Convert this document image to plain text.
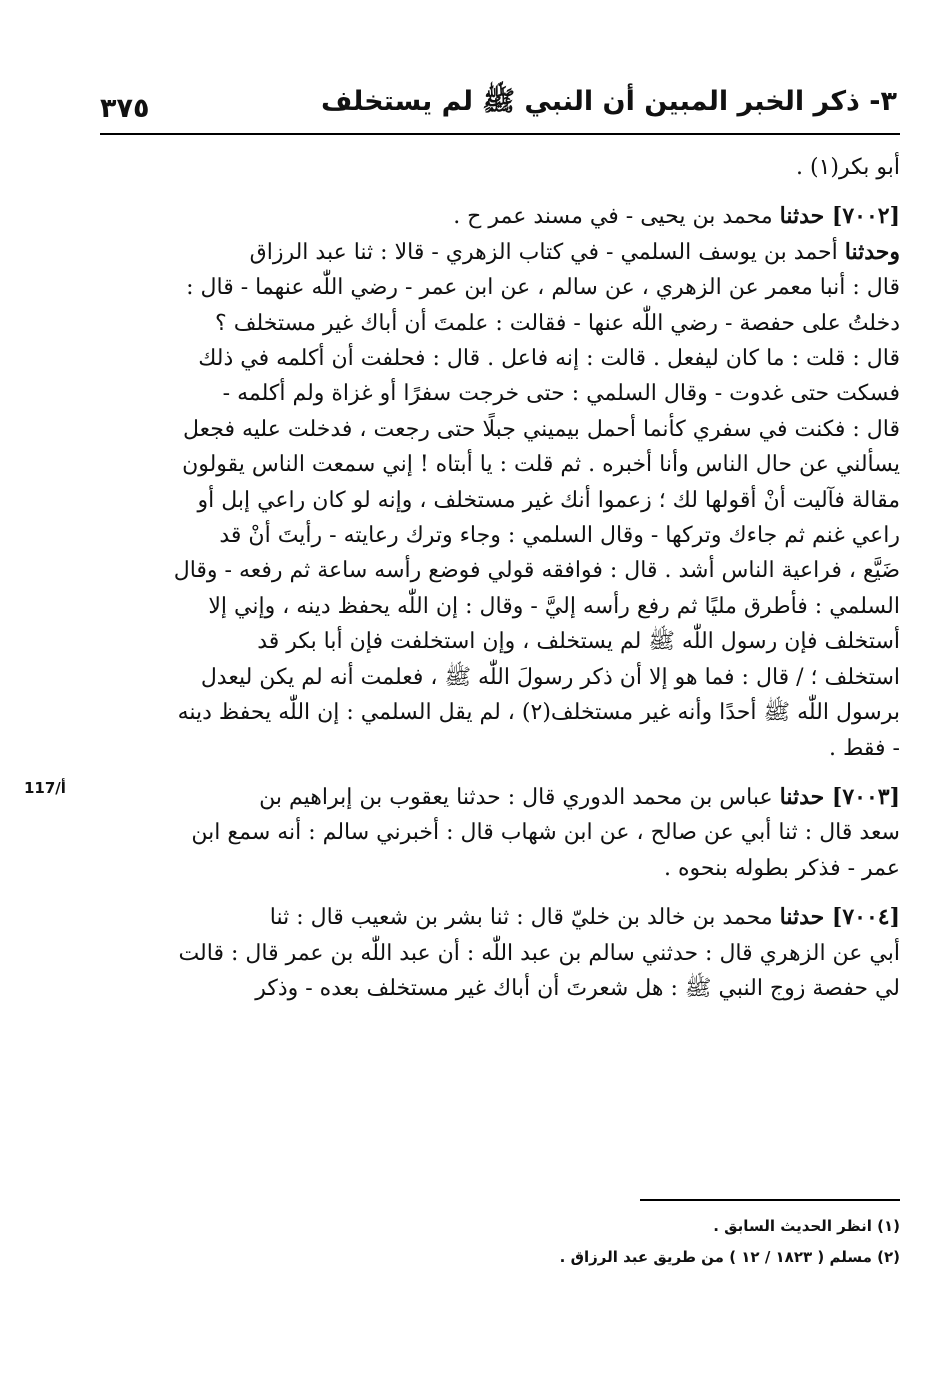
٣- ذكر الخبر المبين أن النبي ﷺ لم يستخلف
٣٧٥
117/أ

أبو بكر(١) .

[٧٠٠٢] حدثنا محمد بن يحيى - في مسند عمر ح .

وحدثنا أحمد بن يوسف السلمي - في كتاب الزهري - قالا : ثنا عبد الرزاق

قال : أنبا معمر عن الزهري ، عن سالم ، عن ابن عمر - رضي اللّٰه عنهما - قال :

دخلتُ على حفصة - رضي اللّٰه عنها - فقالت : علمتَ أن أباك غير مستخلف ؟

قال : قلت : ما كان ليفعل . قالت : إنه فاعل . قال : فحلفت أن أكلمه في ذلك

فسكت حتى غدوت - وقال السلمي : حتى خرجت سفرًا أو غزاة ولم أكلمه -

قال : فكنت في سفري كأنما أحمل بيميني جبلًا حتى رجعت ، فدخلت عليه فجعل

يسألني عن حال الناس وأنا أخبره . ثم قلت : يا أبتاه ! إني سمعت الناس يقولون

مقالة فآليت أنْ أقولها لك ؛ زعموا أنك غير مستخلف ، وإنه لو كان راعي إبل أو

راعي غنم ثم جاءك وتركها - وقال السلمي : وجاء وترك رعايته - رأيتَ أنْ قد

ضَيَّع ، فراعية الناس أشد . قال : فوافقه قولي فوضع رأسه ساعة ثم رفعه - وقال

السلمي : فأطرق مليًا ثم رفع رأسه إليَّ - وقال : إن اللّٰه يحفظ دينه ، وإني إلا

أستخلف فإن رسول اللّٰه ﷺ لم يستخلف ، وإن استخلفت فإن أبا بكر قد

استخلف ؛ / قال : فما هو إلا أن ذكر رسولَ اللّٰه ﷺ ، فعلمت أنه لم يكن ليعدل

برسول اللّٰه ﷺ أحدًا وأنه غير مستخلف(٢) ، لم يقل السلمي : إن اللّٰه يحفظ دينه

- فقط .

[٧٠٠٣] حدثنا عباس بن محمد الدوري قال : حدثنا يعقوب بن إبراهيم بن

سعد قال : ثنا أبي عن صالح ، عن ابن شهاب قال : أخبرني سالم : أنه سمع ابن

عمر - فذكر بطوله بنحوه .

[٧٠٠٤] حدثنا محمد بن خالد بن خليّ قال : ثنا بشر بن شعيب قال : ثنا

أبي عن الزهري قال : حدثني سالم بن عبد اللّٰه : أن عبد اللّٰه بن عمر قال : قالت

لي حفصة زوج النبي ﷺ : هل شعرتَ أن أباك غير مستخلف بعده - وذكر

(١) انظر الحديث السابق .

(٢) مسلم ( ١٨٢٣ / ١٢ ) من طريق عبد الرزاق .
